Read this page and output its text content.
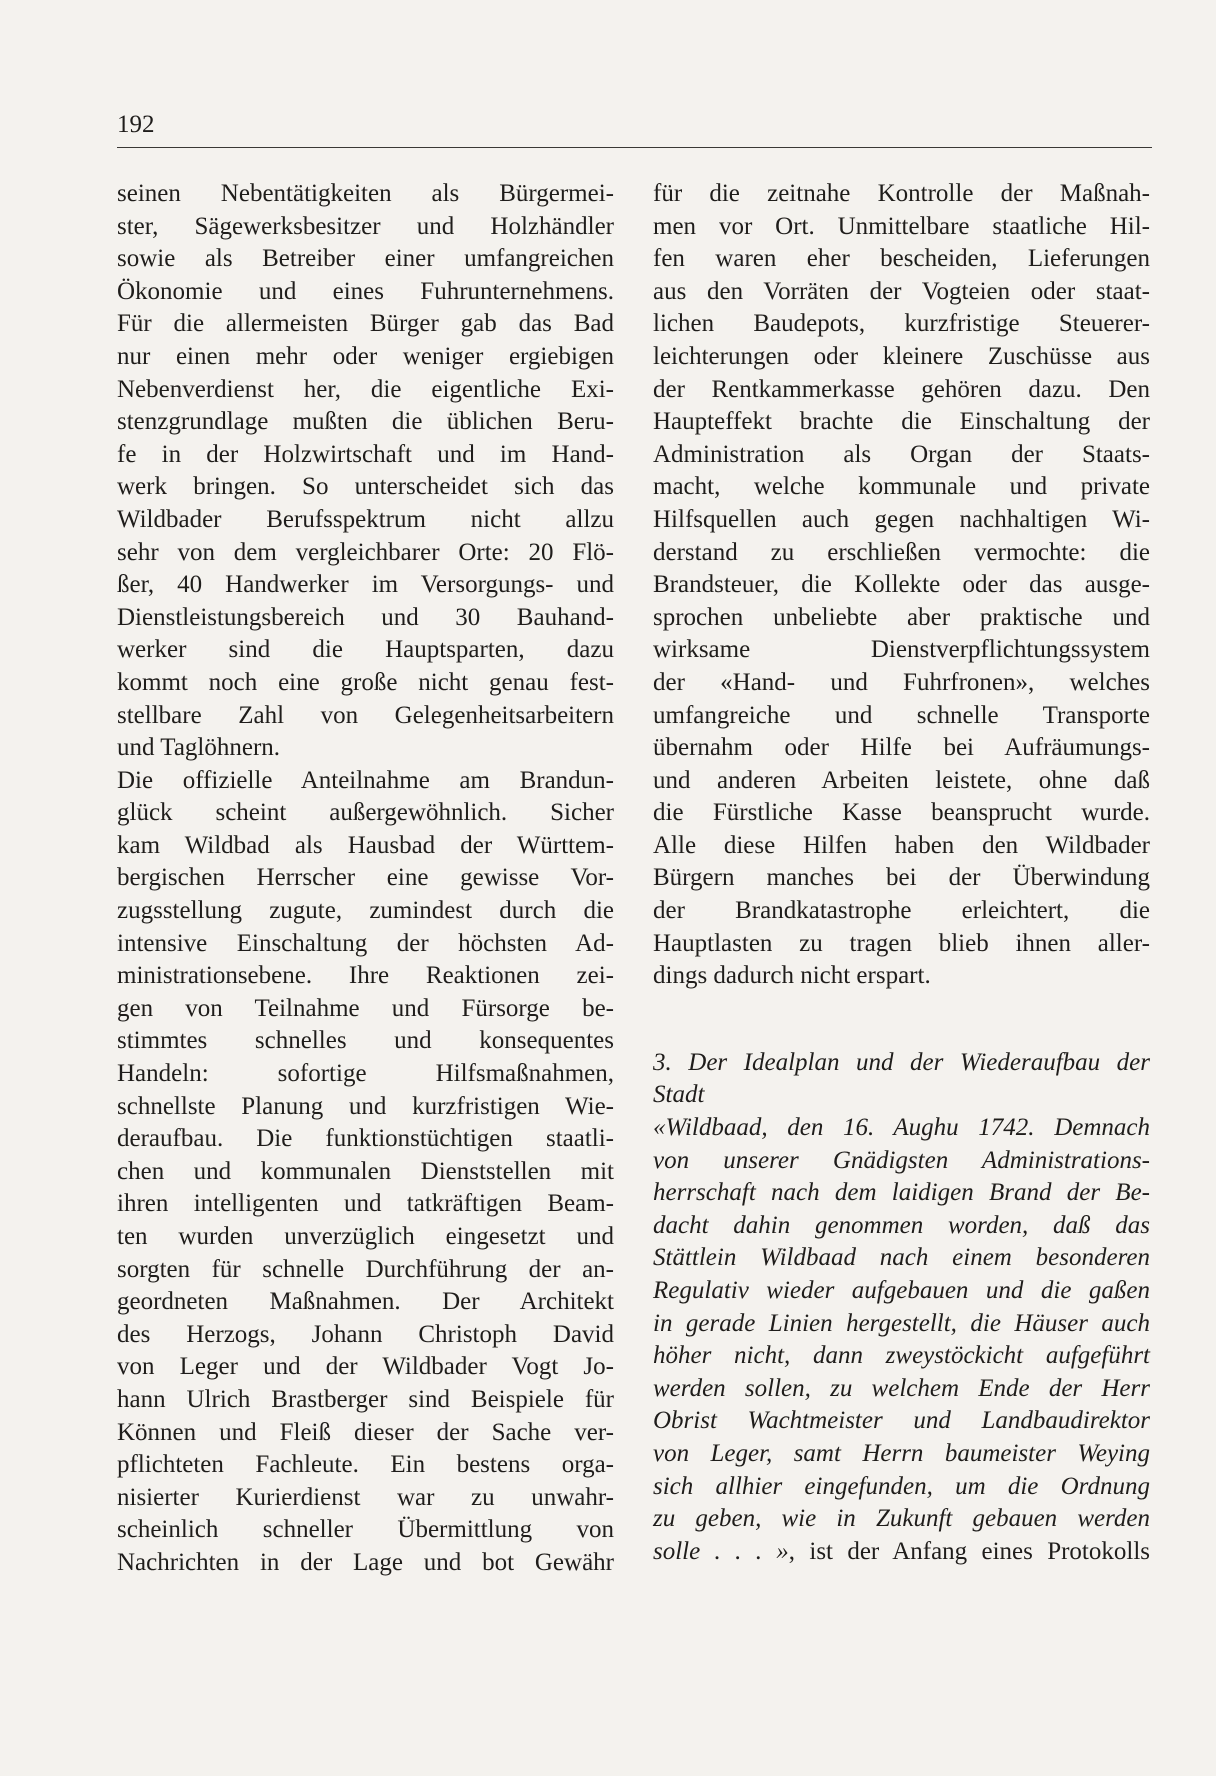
192
seinen Nebentätigkeiten als Bürgermei-
ster, Sägewerksbesitzer und Holzhändler
sowie als Betreiber einer umfangreichen
Ökonomie und eines Fuhrunternehmens.
Für die allermeisten Bürger gab das Bad
nur einen mehr oder weniger ergiebigen
Nebenverdienst her, die eigentliche Exi-
stenzgrundlage mußten die üblichen Beru-
fe in der Holzwirtschaft und im Hand-
werk bringen. So unterscheidet sich das
Wildbader Berufsspektrum nicht allzu
sehr von dem vergleichbarer Orte: 20 Flö-
ßer, 40 Handwerker im Versorgungs- und
Dienstleistungsbereich und 30 Bauhand-
werker sind die Hauptsparten, dazu
kommt noch eine große nicht genau fest-
stellbare Zahl von Gelegenheitsarbeitern
und Taglöhnern.
Die offizielle Anteilnahme am Brandun-
glück scheint außergewöhnlich. Sicher
kam Wildbad als Hausbad der Württem-
bergischen Herrscher eine gewisse Vor-
zugsstellung zugute, zumindest durch die
intensive Einschaltung der höchsten Ad-
ministrationsebene. Ihre Reaktionen zei-
gen von Teilnahme und Fürsorge be-
stimmtes schnelles und konsequentes
Handeln: sofortige Hilfsmaßnahmen,
schnellste Planung und kurzfristigen Wie-
deraufbau. Die funktionstüchtigen staatli-
chen und kommunalen Dienststellen mit
ihren intelligenten und tatkräftigen Beam-
ten wurden unverzüglich eingesetzt und
sorgten für schnelle Durchführung der an-
geordneten Maßnahmen. Der Architekt
des Herzogs, Johann Christoph David
von Leger und der Wildbader Vogt Jo-
hann Ulrich Brastberger sind Beispiele für
Können und Fleiß dieser der Sache ver-
pflichteten Fachleute. Ein bestens orga-
nisierter Kurierdienst war zu unwahr-
scheinlich schneller Übermittlung von
Nachrichten in der Lage und bot Gewähr
für die zeitnahe Kontrolle der Maßnah-
men vor Ort. Unmittelbare staatliche Hil-
fen waren eher bescheiden, Lieferungen
aus den Vorräten der Vogteien oder staat-
lichen Baudepots, kurzfristige Steuerer-
leichterungen oder kleinere Zuschüsse aus
der Rentkammerkasse gehören dazu. Den
Haupteffekt brachte die Einschaltung der
Administration als Organ der Staats-
macht, welche kommunale und private
Hilfsquellen auch gegen nachhaltigen Wi-
derstand zu erschließen vermochte: die
Brandsteuer, die Kollekte oder das ausge-
sprochen unbeliebte aber praktische und
wirksame Dienstverpflichtungssystem
der «Hand- und Fuhrfronen», welches
umfangreiche und schnelle Transporte
übernahm oder Hilfe bei Aufräumungs-
und anderen Arbeiten leistete, ohne daß
die Fürstliche Kasse beansprucht wurde.
Alle diese Hilfen haben den Wildbader
Bürgern manches bei der Überwindung
der Brandkatastrophe erleichtert, die
Hauptlasten zu tragen blieb ihnen aller-
dings dadurch nicht erspart.
3. Der Idealplan und der Wiederaufbau der
Stadt
«Wildbaad, den 16. Aughu 1742. Demnach
von unserer Gnädigsten Administrations-
herrschaft nach dem laidigen Brand der Be-
dacht dahin genommen worden, daß das
Stättlein Wildbaad nach einem besonderen
Regulativ wieder aufgebauen und die gaßen
in gerade Linien hergestellt, die Häuser auch
höher nicht, dann zweystöckicht aufgeführt
werden sollen, zu welchem Ende der Herr
Obrist Wachtmeister und Landbaudirektor
von Leger, samt Herrn baumeister Weying
sich allhier eingefunden, um die Ordnung
zu geben, wie in Zukunft gebauen werden
solle . . . », ist der Anfang eines Protokolls
